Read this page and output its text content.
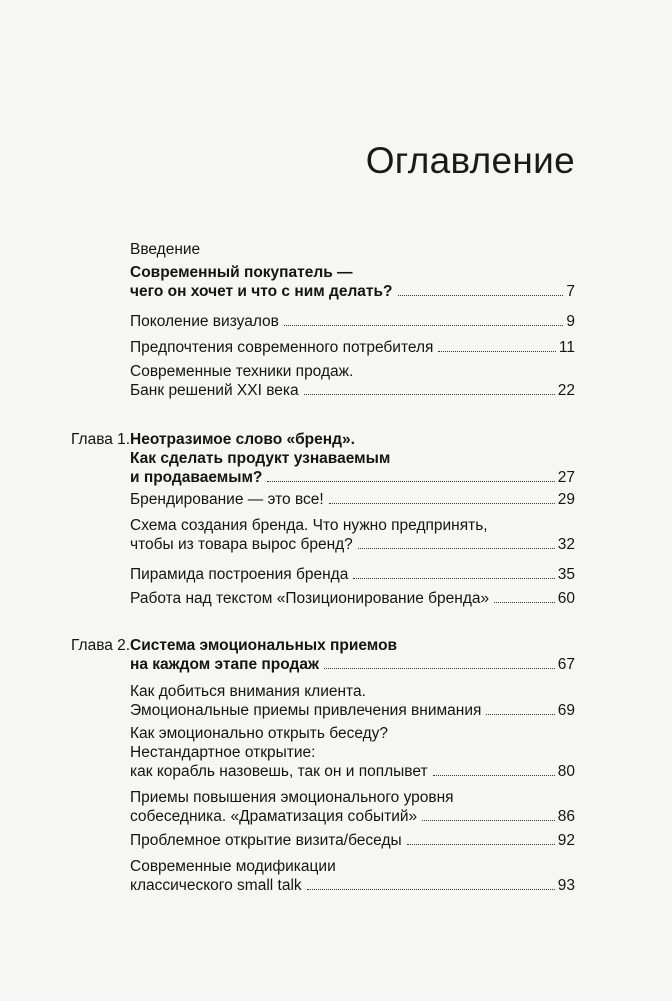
Оглавление
Введение
Современный покупатель —
чего он хочет и что с ним делать?	7
Поколение визуалов	9
Предпочтения современного потребителя	11
Современные техники продаж.
Банк решений XXI века	22
Глава 1. Неотразимое слово «бренд».
Как сделать продукт узнаваемым
и продаваемым?	27
Брендирование — это все!	29
Схема создания бренда. Что нужно предпринять,
чтобы из товара вырос бренд?	32
Пирамида построения бренда	35
Работа над текстом «Позиционирование бренда»	60
Глава 2. Система эмоциональных приемов
на каждом этапе продаж	67
Как добиться внимания клиента.
Эмоциональные приемы привлечения внимания	69
Как эмоционально открыть беседу?
Нестандартное открытие:
как корабль назовешь, так он и поплывет	80
Приемы повышения эмоционального уровня
собеседника. «Драматизация событий»	86
Проблемное открытие визита/беседы	92
Современные модификации
классического small talk	93
